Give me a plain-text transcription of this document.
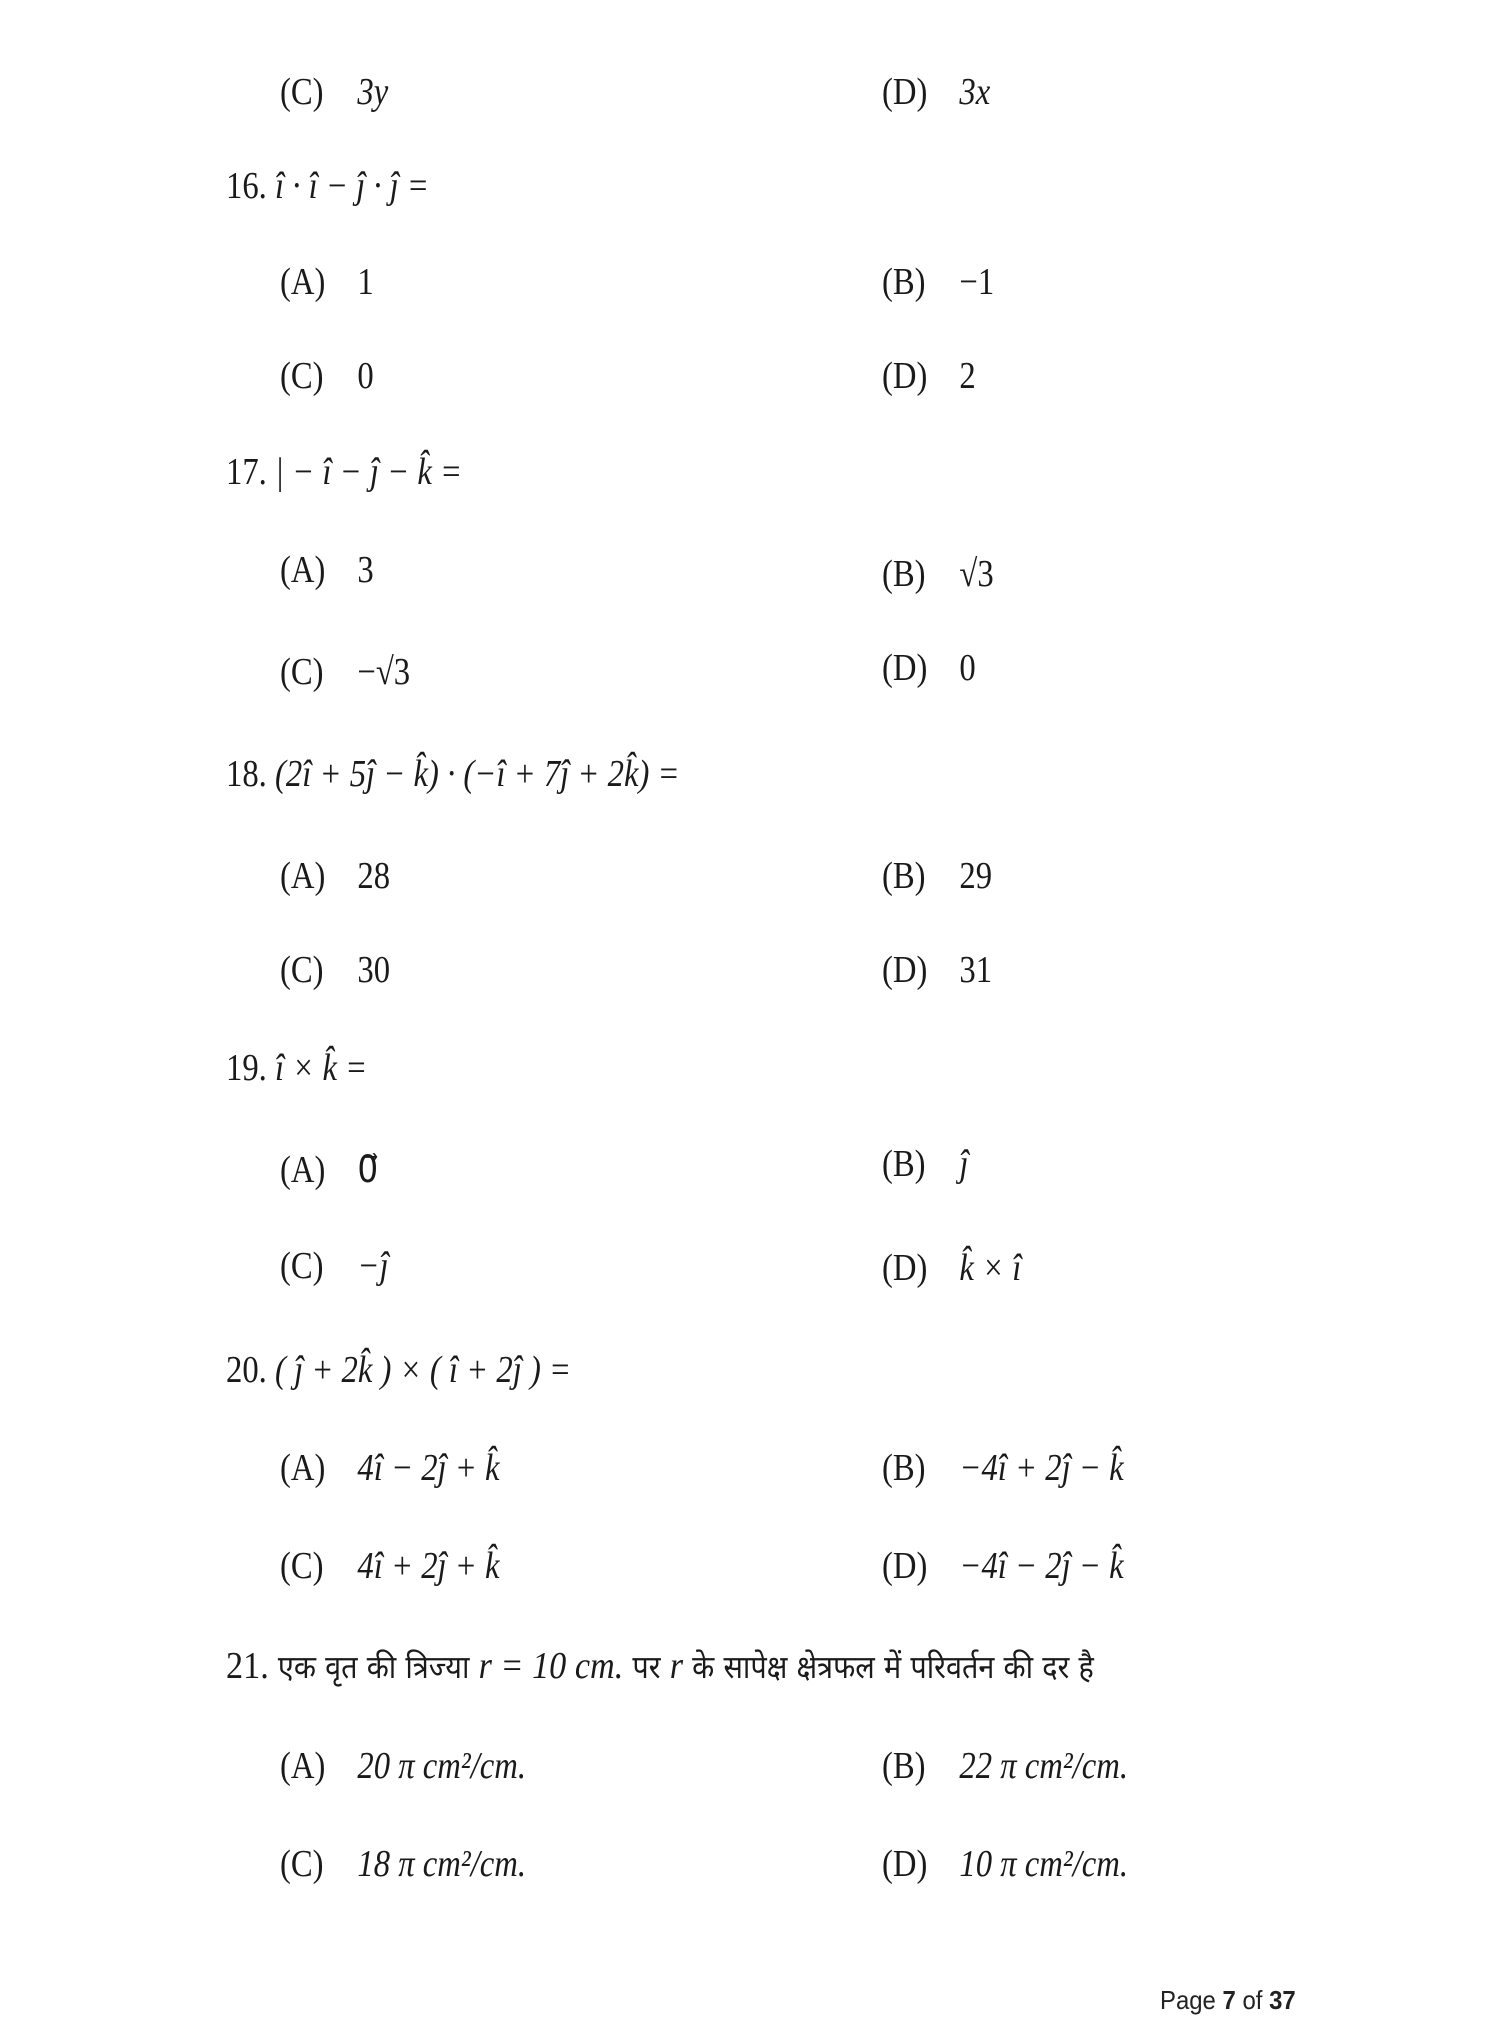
(C) 3y	(D) 3x
16. î · î − ĵ · ĵ =
(A) 1	(B) −1
(C) 0	(D) 2
17. | − î − ĵ − k̂ =
(A) 3	(B) √3
(C) −√3	(D) 0
18. (2î + 5ĵ − k̂) · (−î + 7ĵ + 2k̂) =
(A) 28	(B) 29
(C) 30	(D) 31
19. î × k̂ =
(A) 0⃗	(B) ĵ
(C) −ĵ	(D) k̂ × î
20. ( ĵ + 2k̂ ) × ( î + 2ĵ ) =
(A) 4î − 2ĵ + k̂	(B) −4î + 2ĵ − k̂
(C) 4î + 2ĵ + k̂	(D) −4î − 2ĵ − k̂
21. एक वृत की त्रिज्या r = 10 cm. पर r के सापेक्ष क्षेत्रफल में परिवर्तन की दर है
(A) 20 π cm²/cm.	(B) 22 π cm²/cm.
(C) 18 π cm²/cm.	(D) 10 π cm²/cm.
Page 7 of 37
